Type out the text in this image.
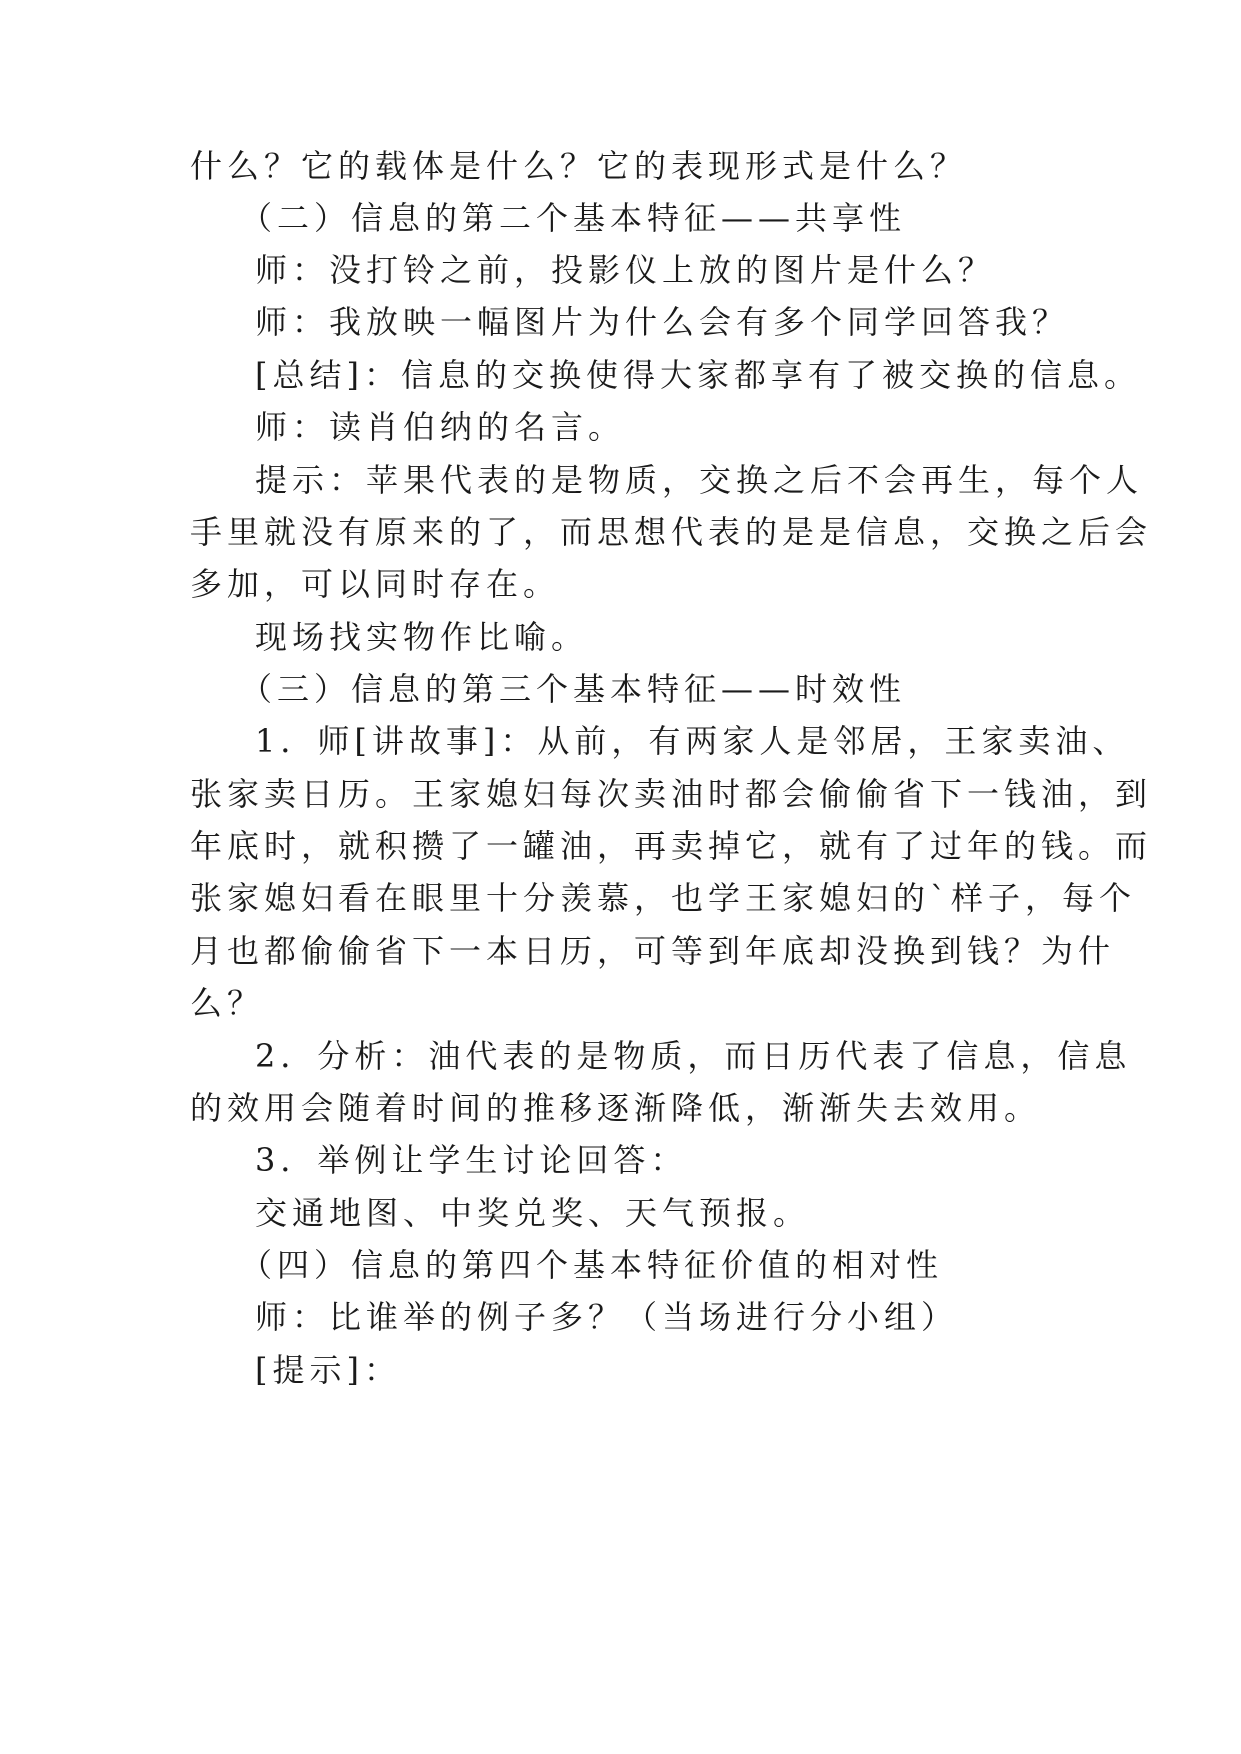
什么？它的载体是什么？它的表现形式是什么？
（二）信息的第二个基本特征——共享性
师：没打铃之前，投影仪上放的图片是什么？
师：我放映一幅图片为什么会有多个同学回答我？
[总结]：信息的交换使得大家都享有了被交换的信息。
师：读肖伯纳的名言。
提示：苹果代表的是物质，交换之后不会再生，每个人
手里就没有原来的了，而思想代表的是是信息，交换之后会
多加，可以同时存在。
现场找实物作比喻。
（三）信息的第三个基本特征——时效性
1．师[讲故事]：从前，有两家人是邻居，王家卖油、
张家卖日历。王家媳妇每次卖油时都会偷偷省下一钱油，到
年底时，就积攒了一罐油，再卖掉它，就有了过年的钱。而
张家媳妇看在眼里十分羡慕，也学王家媳妇的`样子，每个
月也都偷偷省下一本日历，可等到年底却没换到钱？为什
么？
2．分析：油代表的是物质，而日历代表了信息，信息
的效用会随着时间的推移逐渐降低，渐渐失去效用。
3．举例让学生讨论回答：
交通地图、中奖兑奖、天气预报。
（四）信息的第四个基本特征价值的相对性
师：比谁举的例子多？（当场进行分小组）
[提示]：
